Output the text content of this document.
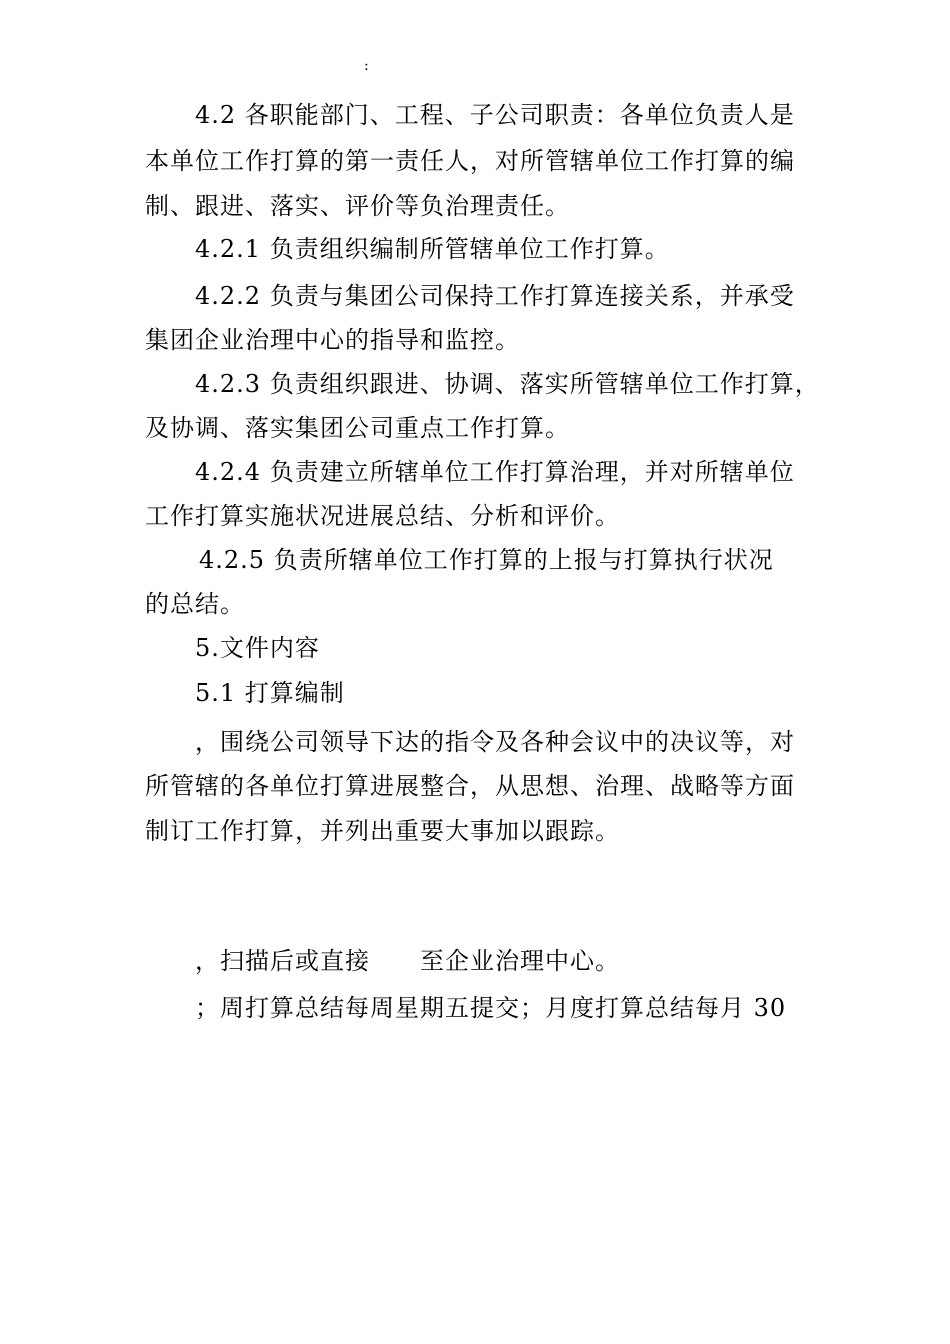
:
4.2 各职能部门、工程、子公司职责：各单位负责人是
本单位工作打算的第一责任人，对所管辖单位工作打算的编
制、跟进、落实、评价等负治理责任。
4.2.1 负责组织编制所管辖单位工作打算。
4.2.2 负责与集团公司保持工作打算连接关系，并承受
集团企业治理中心的指导和监控。
4.2.3 负责组织跟进、协调、落实所管辖单位工作打算，
及协调、落实集团公司重点工作打算。
4.2.4 负责建立所辖单位工作打算治理，并对所辖单位
工作打算实施状况进展总结、分析和评价。
4.2.5 负责所辖单位工作打算的上报与打算执行状况
的总结。
5.文件内容
5.1 打算编制
，围绕公司领导下达的指令及各种会议中的决议等，对
所管辖的各单位打算进展整合，从思想、治理、战略等方面
制订工作打算，并列出重要大事加以跟踪。
，扫描后或直接　　至企业治理中心。
；周打算总结每周星期五提交；月度打算总结每月 30
